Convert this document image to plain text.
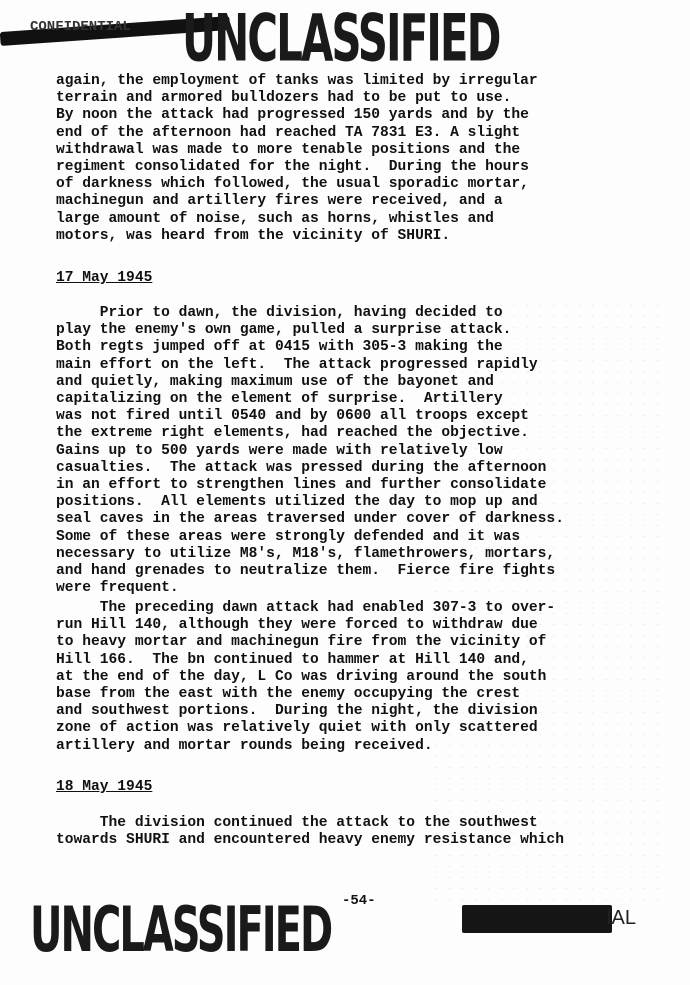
CONFIDENTIAL	UNCLASSIFIED
again, the employment of tanks was limited by irregular
terrain and armored bulldozers had to be put to use.
By noon the attack had progressed 150 yards and by the
end of the afternoon had reached TA 7831 E3. A slight
withdrawal was made to more tenable positions and the
regiment consolidated for the night.  During the hours
of darkness which followed, the usual sporadic mortar,
machinegun and artillery fires were received, and a
large amount of noise, such as horns, whistles and
motors, was heard from the vicinity of SHURI.
17 May 1945
Prior to dawn, the division, having decided to
play the enemy's own game, pulled a surprise attack.
Both regts jumped off at 0415 with 305-3 making the
main effort on the left.  The attack progressed rapidly
and quietly, making maximum use of the bayonet and
capitalizing on the element of surprise.  Artillery
was not fired until 0540 and by 0600 all troops except
the extreme right elements, had reached the objective.
Gains up to 500 yards were made with relatively low
casualties.  The attack was pressed during the afternoon
in an effort to strengthen lines and further consolidate
positions.  All elements utilized the day to mop up and
seal caves in the areas traversed under cover of darkness.
Some of these areas were strongly defended and it was
necessary to utilize M8's, M18's, flamethrowers, mortars,
and hand grenades to neutralize them.  Fierce fire fights
were frequent.
The preceding dawn attack had enabled 307-3 to over-
run Hill 140, although they were forced to withdraw due
to heavy mortar and machinegun fire from the vicinity of
Hill 166.  The bn continued to hammer at Hill 140 and,
at the end of the day, L Co was driving around the south
base from the east with the enemy occupying the crest
and southwest portions.  During the night, the division
zone of action was relatively quiet with only scattered
artillery and mortar rounds being received.
18 May 1945
The division continued the attack to the southwest
towards SHURI and encountered heavy enemy resistance which
-54-
UNCLASSIFIED	IAL
